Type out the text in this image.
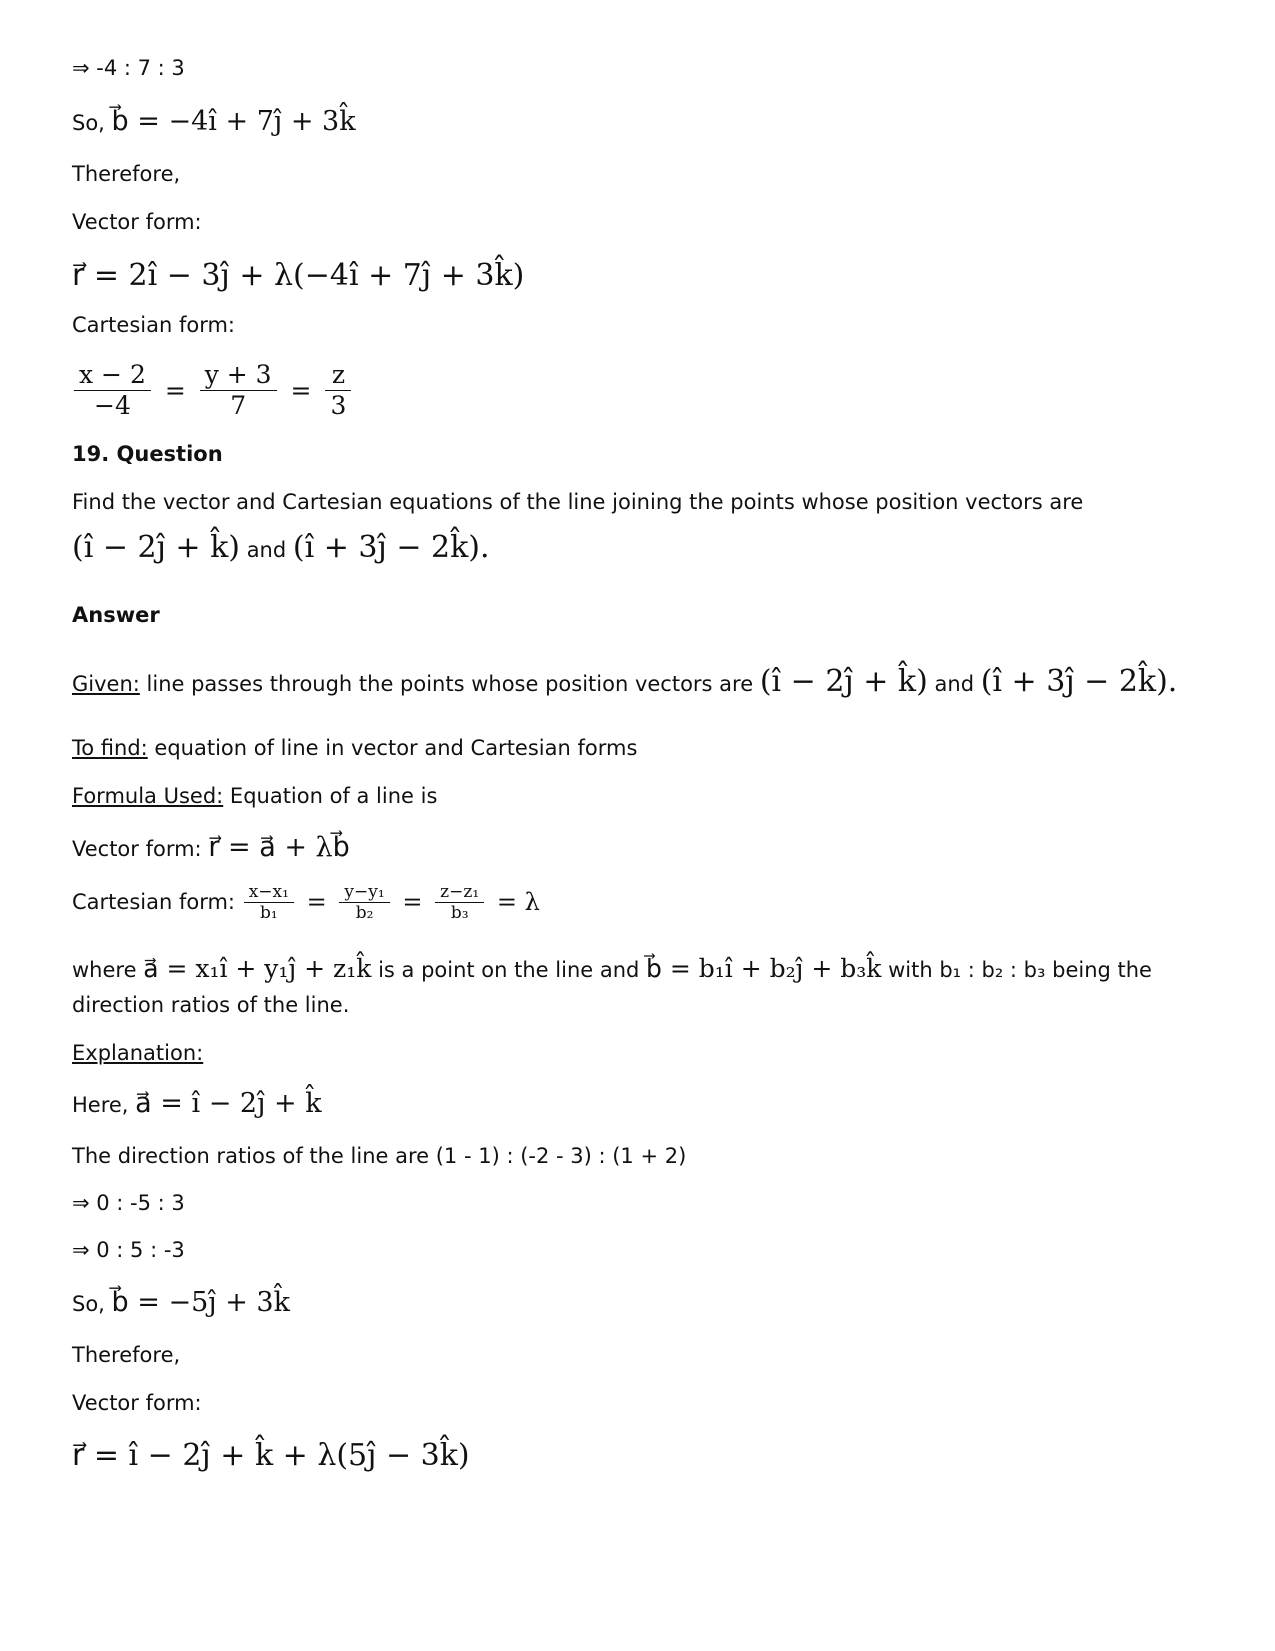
⇒ -4 : 7 : 3
So, b⃗ = −4î + 7ĵ + 3k̂
Therefore,
Vector form:
r⃗ = 2î − 3ĵ + λ(−4î + 7ĵ + 3k̂)
Cartesian form:
$\frac{x - 2}{-4} = \frac{y + 3}{7} = \frac{z}{3}$
19. Question
Find the vector and Cartesian equations of the line joining the points whose position vectors are
(î − 2ĵ + k̂) and (î + 3ĵ − 2k̂).
Answer
Given: line passes through the points whose position vectors are (î − 2ĵ + k̂) and (î + 3ĵ − 2k̂).
To find: equation of line in vector and Cartesian forms
Formula Used: Equation of a line is
Vector form: r⃗ = a⃗ + λb⃗
Cartesian form: $\frac{\text{x−x₁}}{\text{b₁}} = \frac{\text{y−y₁}}{\text{b₂}} = \frac{\text{z−z₁}}{\text{b₃}} = \lambda$
where a⃗ = x₁î + y₁ĵ + z₁k̂ is a point on the line and b⃗ = b₁î + b₂ĵ + b₃k̂ with b₁ : b₂ : b₃ being the
direction ratios of the line.
Explanation:
Here, a⃗ = î − 2ĵ + k̂
The direction ratios of the line are (1 - 1) : (-2 - 3) : (1 + 2)
⇒ 0 : -5 : 3
⇒ 0 : 5 : -3
So, b⃗ = −5ĵ + 3k̂
Therefore,
Vector form:
r⃗ = î − 2ĵ + k̂ + λ(5ĵ − 3k̂)
